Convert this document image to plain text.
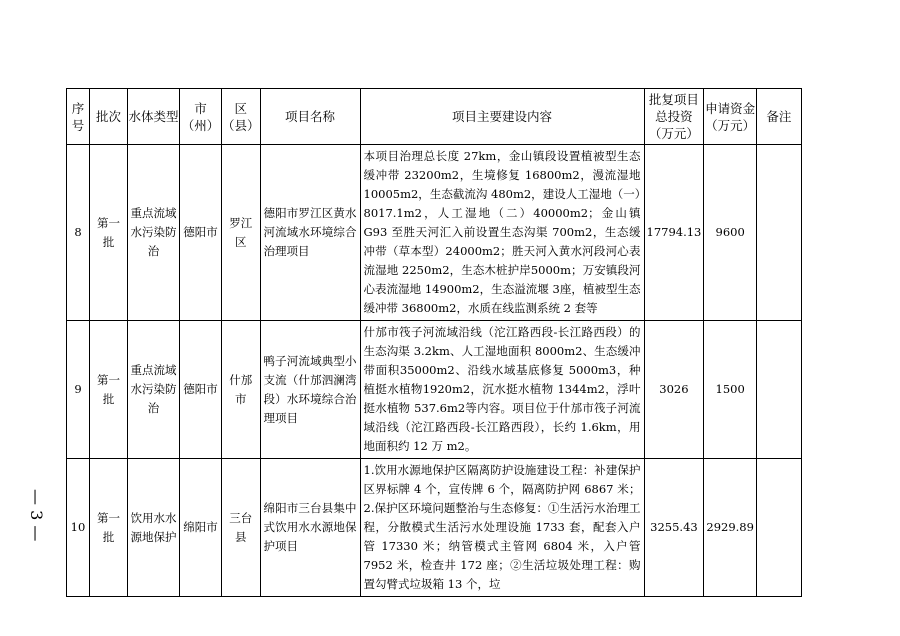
— 3 —
序号	批次	水体类型	市（州）	区（县）	项目名称	项目主要建设内容	批复项目总投资（万元）	申请资金（万元）	备注
8	第一批	重点流域水污染防治	德阳市	罗江区	德阳市罗江区黄水河流域水环境综合治理项目	本项目治理总长度 27km，金山镇段设置植被型生态缓冲带 23200m2，生境修复 16800m2，漫流湿地 10005m2，生态截流沟 480m2，建设人工湿地（一）8017.1m2，人工湿地（二）40000m2；金山镇 G93 至胜天河汇入前设置生态沟渠 700m2，生态缓冲带（草本型）24000m2；胜天河入黄水河段河心表流湿地 2250m2，生态木桩护岸5000m；万安镇段河心表流湿地 14900m2，生态溢流堰 3座，植被型生态缓冲带 36800m2，水质在线监测系统 2 套等	17794.13	9600	
9	第一批	重点流域水污染防治	德阳市	什邡市	鸭子河流域典型小支流（什邡泗澜湾段）水环境综合治理项目	什邡市筏子河流域沿线（沱江路西段-长江路西段）的生态沟渠 3.2km、人工湿地面积 8000m2、生态缓冲带面积35000m2、沿线水域基底修复 5000m3，种植挺水植物1920m2，沉水挺水植物 1344m2，浮叶挺水植物 537.6m2等内容。项目位于什邡市筏子河流域沿线（沱江路西段-长江路西段），长约 1.6km，用地面积约 12 万 m2。	3026	1500	
10	第一批	饮用水水源地保护	绵阳市	三台县	绵阳市三台县集中式饮用水水源地保护项目	1.饮用水源地保护区隔离防护设施建设工程：补建保护区界标牌 4 个，宣传牌 6 个，隔离防护网 6867 米；2.保护区环境问题整治与生态修复：①生活污水治理工程，分散模式生活污水处理设施 1733 套，配套入户管 17330 米；纳管模式主管网 6804 米，入户管 7952 米，检查井 172 座；②生活垃圾处理工程：购置勾臂式垃圾箱 13 个，垃	3255.43	2929.89	
